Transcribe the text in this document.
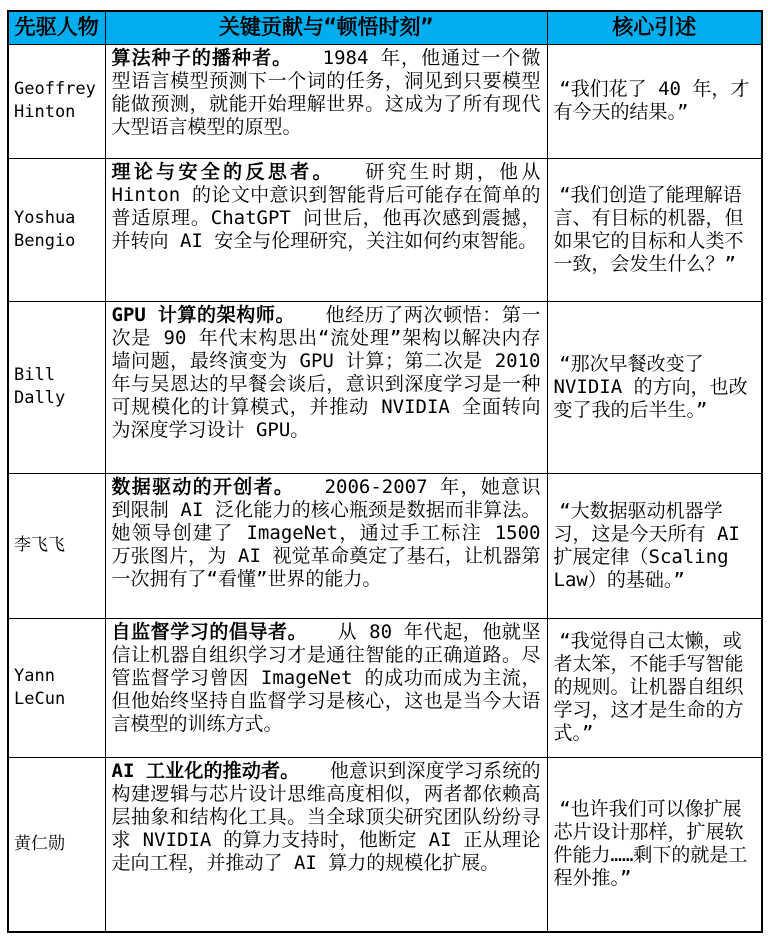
先驱人物	关键贡献与“顿悟时刻”	核心引述
Geoffrey Hinton	算法种子的播种者。 1984 年，他通过一个微型语言模型预测下一个词的任务，洞见到只要模型能做预测，就能开始理解世界。这成为了所有现代大型语言模型的原型。	“我们花了 40 年，才有今天的结果。”

Yoshua Bengio	理论与安全的反思者。 研究生时期，他从 Hinton 的论文中意识到智能背后可能存在简单的普适原理。ChatGPT 问世后，他再次感到震撼，并转向 AI 安全与伦理研究，关注如何约束智能。	“我们创造了能理解语言、有目标的机器，但如果它的目标和人类不一致，会发生什么？”

Bill Dally	GPU 计算的架构师。 他经历了两次顿悟：第一次是 90 年代末构思出“流处理”架构以解决内存墙问题，最终演变为 GPU 计算；第二次是 2010 年与吴恩达的早餐会谈后，意识到深度学习是一种可规模化的计算模式，并推动 NVIDIA 全面转向为深度学习设计 GPU。	“那次早餐改变了 NVIDIA 的方向，也改变了我的后半生。”

李飞飞	数据驱动的开创者。 2006-2007 年，她意识到限制 AI 泛化能力的核心瓶颈是数据而非算法。她领导创建了 ImageNet，通过手工标注 1500 万张图片，为 AI 视觉革命奠定了基石，让机器第一次拥有了“看懂”世界的能力。	“大数据驱动机器学习，这是今天所有 AI 扩展定律（Scaling Law）的基础。”

Yann LeCun	自监督学习的倡导者。 从 80 年代起，他就坚信让机器自组织学习才是通往智能的正确道路。尽管监督学习曾因 ImageNet 的成功而成为主流，但他始终坚持自监督学习是核心，这也是当今大语言模型的训练方式。	“我觉得自己太懒，或者太笨，不能手写智能的规则。让机器自组织学习，这才是生命的方式。”

黄仁勋	AI 工业化的推动者。 他意识到深度学习系统的构建逻辑与芯片设计思维高度相似，两者都依赖高层抽象和结构化工具。当全球顶尖研究团队纷纷寻求 NVIDIA 的算力支持时，他断定 AI 正从理论走向工程，并推动了 AI 算力的规模化扩展。	“也许我们可以像扩展芯片设计那样，扩展软件能力……剩下的就是工程外推。”
